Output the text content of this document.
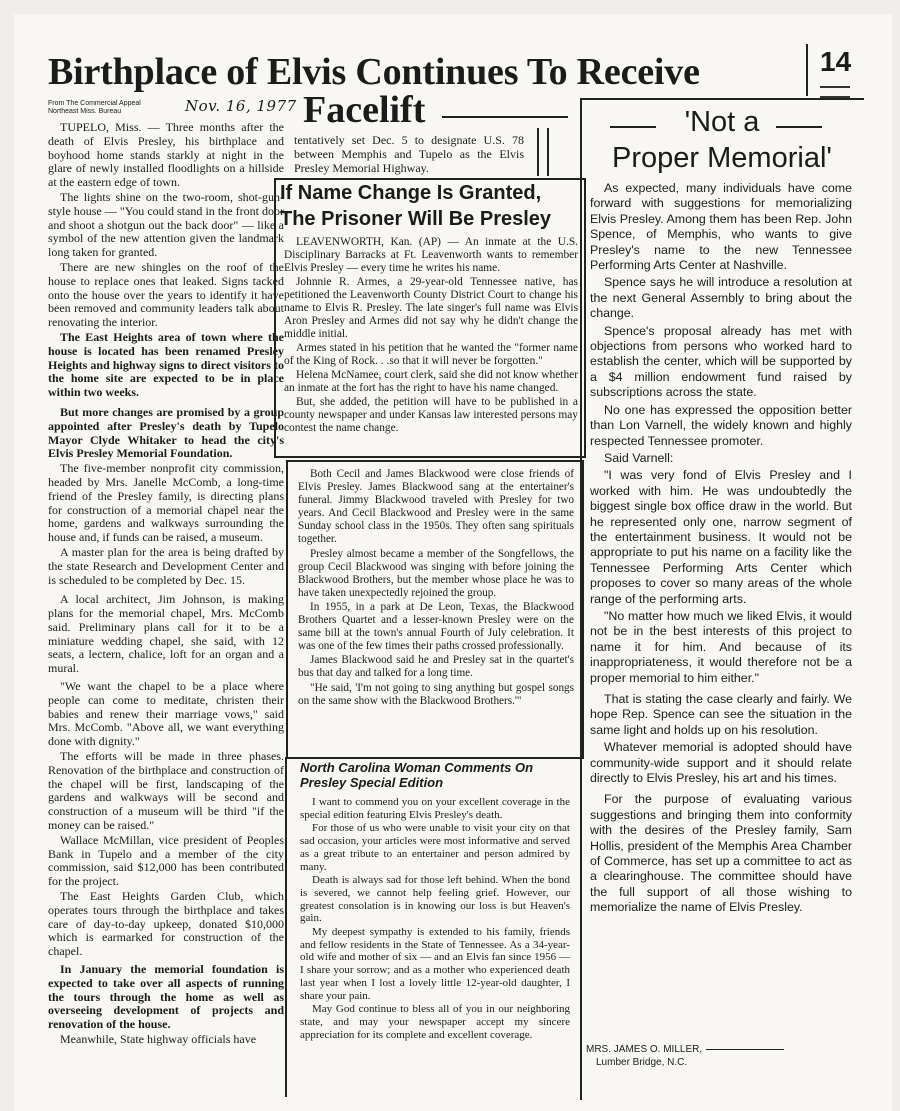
Birthplace of Elvis Continues To Receive	14
Facelift
From The Commercial Appeal
Northeast Miss. Bureau	Nov. 16, 1977

TUPELO, Miss. — Three months after the death of Elvis Presley, his birthplace and boyhood home stands starkly at night in the glare of newly installed floodlights on a hillside at the eastern edge of town.

The lights shine on the two-room, shot-gun-style house — "You could stand in the front door and shoot a shotgun out the back door" — like a symbol of the new attention given the landmark long taken for granted.

There are new shingles on the roof of the house to replace ones that leaked. Signs tacked onto the house over the years to identify it have been removed and community leaders talk about renovating the interior.

The East Heights area of town where the house is located has been renamed Presley Heights and highway signs to direct visitors to the home site are expected to be in place within two weeks.

But more changes are promised by a group appointed after Presley's death by Tupelo Mayor Clyde Whitaker to head the city's Elvis Presley Memorial Foundation.

The five-member nonprofit city commission, headed by Mrs. Janelle McComb, a long-time friend of the Presley family, is directing plans for construction of a memorial chapel near the home, gardens and walkways surrounding the house and, if funds can be raised, a museum.

A master plan for the area is being drafted by the state Research and Development Center and is scheduled to be completed by Dec. 15.

A local architect, Jim Johnson, is making plans for the memorial chapel, Mrs. McComb said. Preliminary plans call for it to be a miniature wedding chapel, she said, with 12 seats, a lectern, chalice, loft for an organ and a mural.

"We want the chapel to be a place where people can come to meditate, christen their babies and renew their marriage vows," said Mrs. McComb. "Above all, we want everything done with dignity."

The efforts will be made in three phases. Renovation of the birthplace and construction of the chapel will be first, landscaping of the gardens and walkways will be second and construction of a museum will be third "if the money can be raised."

Wallace McMillan, vice president of Peoples Bank in Tupelo and a member of the city commission, said $12,000 has been contributed for the project.

The East Heights Garden Club, which operates tours through the birthplace and takes care of day-to-day upkeep, donated $10,000 which is earmarked for construction of the chapel.

In January the memorial foundation is expected to take over all aspects of running the tours through the home as well as overseeing development of projects and renovation of the house.

Meanwhile, State highway officials have

tentatively set Dec. 5 to designate U.S. 78 between Memphis and Tupelo as the Elvis Presley Memorial Highway.

If Name Change Is Granted, The Prisoner Will Be Presley

LEAVENWORTH, Kan. (AP) — An inmate at the U.S. Disciplinary Barracks at Ft. Leavenworth wants to remember Elvis Presley — every time he writes his name.

Johnnie R. Armes, a 29-year-old Tennessee native, has petitioned the Leavenworth County District Court to change his name to Elvis R. Presley. The late singer's full name was Elvis Aron Presley and Armes did not say why he didn't change the middle initial.

Armes stated in his petition that he wanted the "former name of the King of Rock. . .so that it will never be forgotten."

Helena McNamee, court clerk, said she did not know whether an inmate at the fort has the right to have his name changed.

But, she added, the petition will have to be published in a county newspaper and under Kansas law interested persons may contest the name change.

Both Cecil and James Blackwood were close friends of Elvis Presley. James Blackwood sang at the entertainer's funeral. Jimmy Blackwood traveled with Presley for two years. And Cecil Blackwood and Presley were in the same Sunday school class in the 1950s. They often sang spirituals together.

Presley almost became a member of the Songfellows, the group Cecil Blackwood was singing with before joining the Blackwood Brothers, but the member whose place he was to have taken unexpectedly rejoined the group.

In 1955, in a park at De Leon, Texas, the Blackwood Brothers Quartet and a lesser-known Presley were on the same bill at the town's annual Fourth of July celebration. It was one of the few times their paths crossed professionally.

James Blackwood said he and Presley sat in the quartet's bus that day and talked for a long time.

"He said, 'I'm not going to sing anything but gospel songs on the same show with the Blackwood Brothers.'"

North Carolina Woman Comments On Presley Special Edition

I want to commend you on your excellent coverage in the special edition featuring Elvis Presley's death.

For those of us who were unable to visit your city on that sad occasion, your articles were most informative and served as a great tribute to an entertainer and person admired by many.

Death is always sad for those left behind. When the bond is severed, we cannot help feeling grief. However, our greatest consolation is in knowing our loss is but Heaven's gain.

My deepest sympathy is extended to his family, friends and fellow residents in the State of Tennessee. As a 34-year-old wife and mother of six — and an Elvis fan since 1956 — I share your sorrow; and as a mother who experienced death last year when I lost a lovely little 12-year-old daughter, I share your pain.

May God continue to bless all of you in our neighboring state, and may your newspaper accept my sincere appreciation for its complete and excellent coverage.

'Not a
Proper Memorial'

As expected, many individuals have come forward with suggestions for memorializing Elvis Presley. Among them has been Rep. John Spence, of Memphis, who wants to give Presley's name to the new Tennessee Performing Arts Center at Nashville.

Spence says he will introduce a resolution at the next General Assembly to bring about the change.

Spence's proposal already has met with objections from persons who worked hard to establish the center, which will be supported by a $4 million endowment fund raised by subscriptions across the state.

No one has expressed the opposition better than Lon Varnell, the widely known and highly respected Tennessee promoter.

Said Varnell:

"I was very fond of Elvis Presley and I worked with him. He was undoubtedly the biggest single box office draw in the world. But he represented only one, narrow segment of the entertainment business. It would not be appropriate to put his name on a facility like the Tennessee Performing Arts Center which proposes to cover so many areas of the whole range of the performing arts.

"No matter how much we liked Elvis, it would not be in the best interests of this project to name it for him. And because of its inappropriateness, it would therefore not be a proper memorial to him either."

That is stating the case clearly and fairly. We hope Rep. Spence can see the situation in the same light and holds up on his resolution.

Whatever memorial is adopted should have community-wide support and it should relate directly to Elvis Presley, his art and his times.

For the purpose of evaluating various suggestions and bringing them into conformity with the desires of the Presley family, Sam Hollis, president of the Memphis Area Chamber of Commerce, has set up a committee to act as a clearinghouse. The committee should have the full support of all those wishing to memorialize the name of Elvis Presley.

MRS. JAMES O. MILLER,
Lumber Bridge, N.C.
